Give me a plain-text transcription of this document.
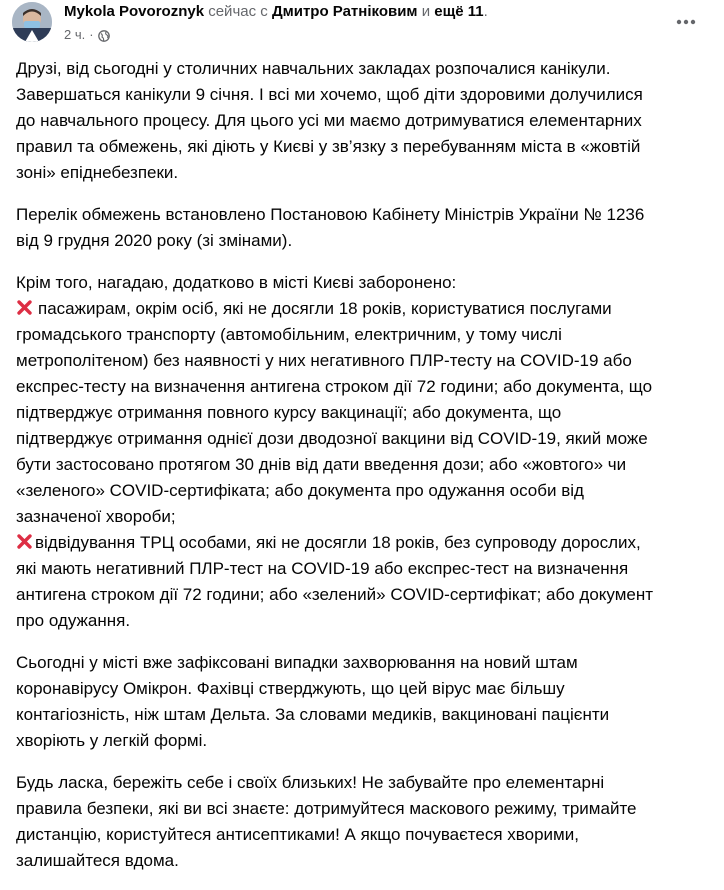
Mykola Povoroznyk сейчас с Дмитро Ратніковим и ещё 11.
2 ч. ·
Друзі, від сьогодні у столичних навчальних закладах розпочалися канікули.
Завершаться канікули 9 січня. І всі ми хочемо, щоб діти здоровими долучилися
до навчального процесу. Для цього усі ми маємо дотримуватися елементарних
правил та обмежень, які діють у Києві у зв’язку з перебуванням міста в «жовтій
зоні» епіднебезпеки.
Перелік обмежень встановлено Постановою Кабінету Міністрів України № 1236
від 9 грудня 2020 року (зі змінами).
Крім того, нагадаю, додатково в місті Києві заборонено:
пасажирам, окрім осіб, які не досягли 18 років, користуватися послугами
громадського транспорту (автомобільним, електричним, у тому числі
метрополітеном) без наявності у них негативного ПЛР-тесту на COVID-19 або
експрес-тесту на визначення антигена строком дії 72 години; або документа, що
підтверджує отримання повного курсу вакцинації; або документа, що
підтверджує отримання однієї дози дводозної вакцини від COVID-19, який може
бути застосовано протягом 30 днів від дати введення дози; або «жовтого» чи
«зеленого» COVID-сертифіката; або документа про одужання особи від
зазначеної хвороби;
відвідування ТРЦ особами, які не досягли 18 років, без супроводу дорослих,
які мають негативний ПЛР-тест на COVID-19 або експрес-тест на визначення
антигена строком дії 72 години; або «зелений» COVID-сертифікат; або документ
про одужання.
Сьогодні у місті вже зафіксовані випадки захворювання на новий штам
коронавірусу Омікрон. Фахівці стверджують, що цей вірус має більшу
контагіозність, ніж штам Дельта. За словами медиків, вакциновані пацієнти
хворіють у легкій формі.
Будь ласка, бережіть себе і своїх близьких! Не забувайте про елементарні
правила безпеки, які ви всі знаєте: дотримуйтеся маскового режиму, тримайте
дистанцію, користуйтеся антисептиками! А якщо почуваєтеся хворими,
залишайтеся вдома.
